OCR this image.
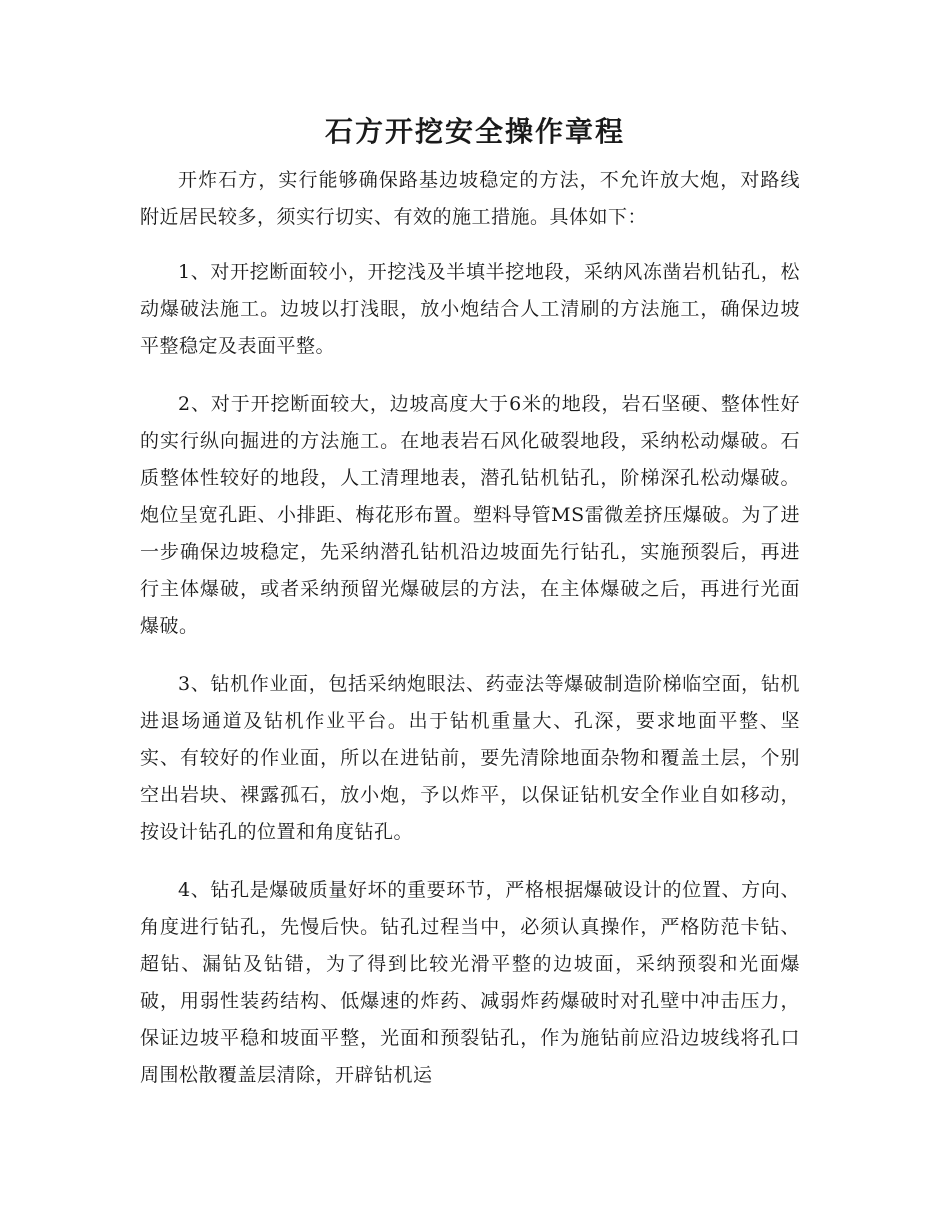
石方开挖安全操作章程

开炸石方，实行能够确保路基边坡稳定的方法，不允许放大炮，对路线附近居民较多，须实行切实、有效的施工措施。具体如下：

1、对开挖断面较小，开挖浅及半填半挖地段，采纳风冻凿岩机钻孔，松动爆破法施工。边坡以打浅眼，放小炮结合人工清刷的方法施工，确保边坡平整稳定及表面平整。

2、对于开挖断面较大，边坡高度大于6米的地段，岩石坚硬、整体性好的实行纵向掘进的方法施工。在地表岩石风化破裂地段，采纳松动爆破。石质整体性较好的地段，人工清理地表，潜孔钻机钻孔，阶梯深孔松动爆破。炮位呈宽孔距、小排距、梅花形布置。塑料导管MS雷微差挤压爆破。为了进一步确保边坡稳定，先采纳潜孔钻机沿边坡面先行钻孔，实施预裂后，再进行主体爆破，或者采纳预留光爆破层的方法，在主体爆破之后，再进行光面爆破。

3、钻机作业面，包括采纳炮眼法、药壶法等爆破制造阶梯临空面，钻机进退场通道及钻机作业平台。出于钻机重量大、孔深，要求地面平整、坚实、有较好的作业面，所以在进钻前，要先清除地面杂物和覆盖土层，个别空出岩块、裸露孤石，放小炮，予以炸平，以保证钻机安全作业自如移动，按设计钻孔的位置和角度钻孔。

4、钻孔是爆破质量好坏的重要环节，严格根据爆破设计的位置、方向、角度进行钻孔，先慢后快。钻孔过程当中，必须认真操作，严格防范卡钻、超钻、漏钻及钻错，为了得到比较光滑平整的边坡面，采纳预裂和光面爆破，用弱性装药结构、低爆速的炸药、减弱炸药爆破时对孔壁中冲击压力，保证边坡平稳和坡面平整，光面和预裂钻孔，作为施钻前应沿边坡线将孔口周围松散覆盖层清除，开辟钻机运
